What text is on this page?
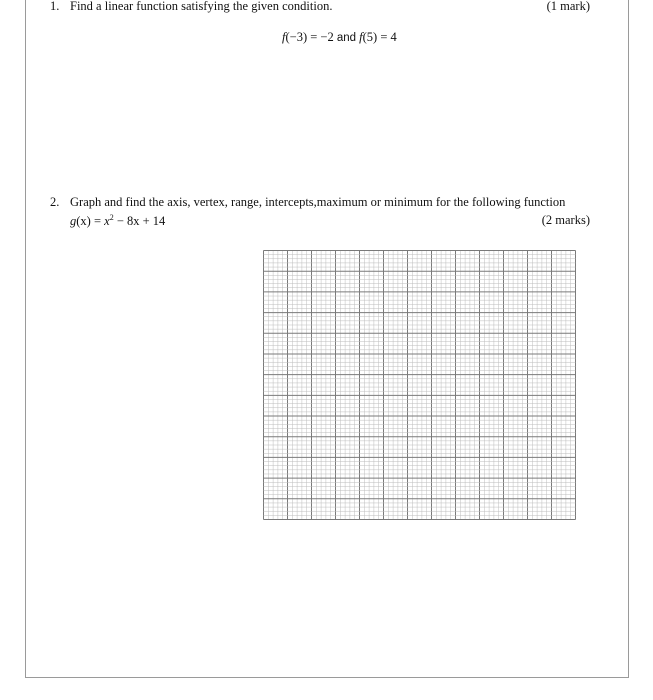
1. Find a linear function satisfying the given condition.	(1 mark)
f(−3) = −2 and f(5) = 4
2. Graph and find the axis, vertex, range, intercepts,maximum or minimum for the following function
$g(x) = x^2 - 8x + 14$	(2 marks)
